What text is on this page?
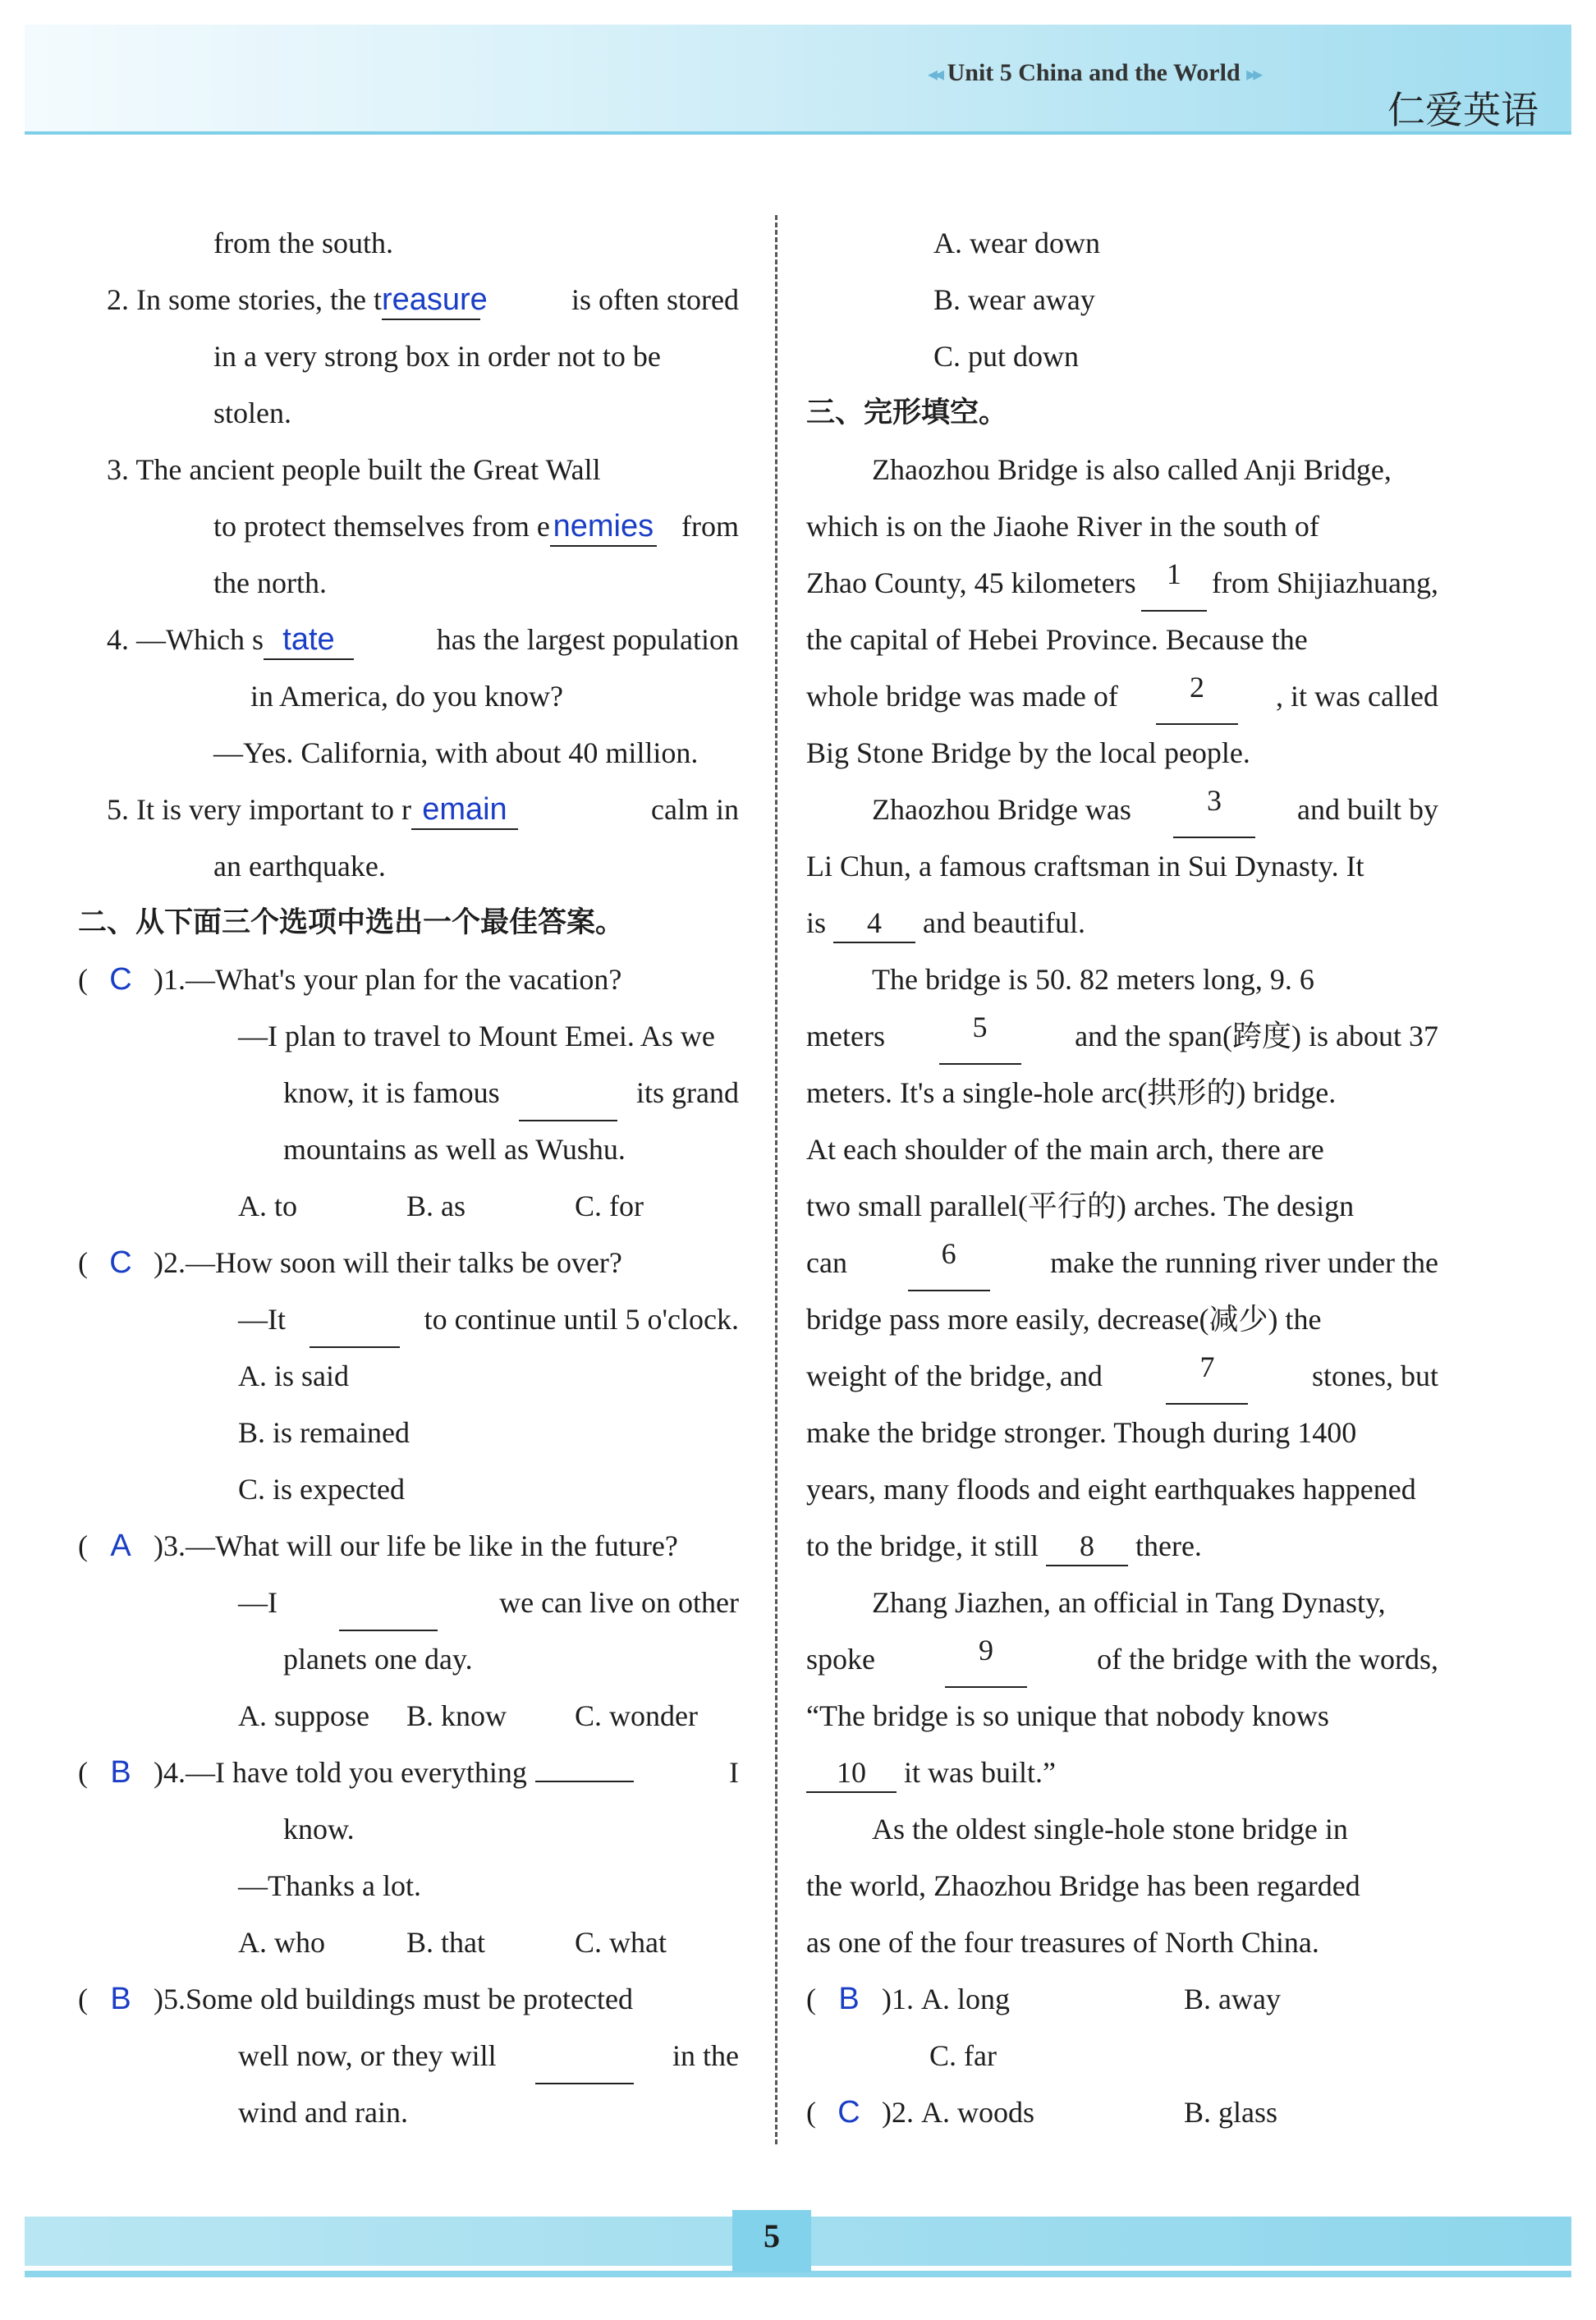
◂◂ Unit 5 China and the World ▸▸
仁爱英语

from the south.

2. In some stories, the treasure	is often stored

in a very strong box in order not to be

stolen.

3. The ancient people built the Great Wall

to protect themselves from enemies from

the north.

4. —Which s tate	has the largest population

in America, do you know?

—Yes. California, with about 40 million.

5. It is very important to r emain	calm in

an earthquake.

二、从下面三个选项中选出一个最佳答案。

( C )1.—What's your plan for the vacation?

—I plan to travel to Mount Emei. As we

know, it is famous	its grand

mountains as well as Wushu.

A. to	B. as	C. for

( C )2.—How soon will their talks be over?

—It	to continue until 5 o'clock.

A. is said

B. is remained

C. is expected

( A )3.—What will our life be like in the future?

—I	we can live on other

planets one day.

A. suppose B. know C. wonder

( B )4.—I have told you everything	I

know.

—Thanks a lot.

A. who	B. that	C. what

( B )5.Some old buildings must be protected

well now, or they will	in the

wind and rain.

A. wear down

B. wear away

C. put down

三、完形填空。

Zhaozhou Bridge is also called Anji Bridge,

which is on the Jiaohe River in the south of

Zhao County, 45 kilometers	1	from Shijiazhuang,

the capital of Hebei Province. Because the

whole bridge was made of	2	, it was called

Big Stone Bridge by the local people.

Zhaozhou Bridge was	3	and built by

Li Chun, a famous craftsman in Sui Dynasty. It

is 4 and beautiful.

The bridge is 50. 82 meters long, 9. 6

meters	5	and the span(跨度) is about 37

meters. It's a single-hole arc(拱形的) bridge.

At each shoulder of the main arch, there are

two small parallel(平行的) arches. The design

can	6	make the running river under the

bridge pass more easily, decrease(减少) the

weight of the bridge, and	7	stones, but

make the bridge stronger. Though during 1400

years, many floods and eight earthquakes happened

to the bridge, it still 8 there.

Zhang Jiazhen, an official in Tang Dynasty,

spoke	9	of the bridge with the words,

“The bridge is so unique that nobody knows

10 it was built.”

As the oldest single-hole stone bridge in

the world, Zhaozhou Bridge has been regarded

as one of the four treasures of North China.

( B )1. A. long	B. away

C. far

( C )2. A. woods	B. glass

5
